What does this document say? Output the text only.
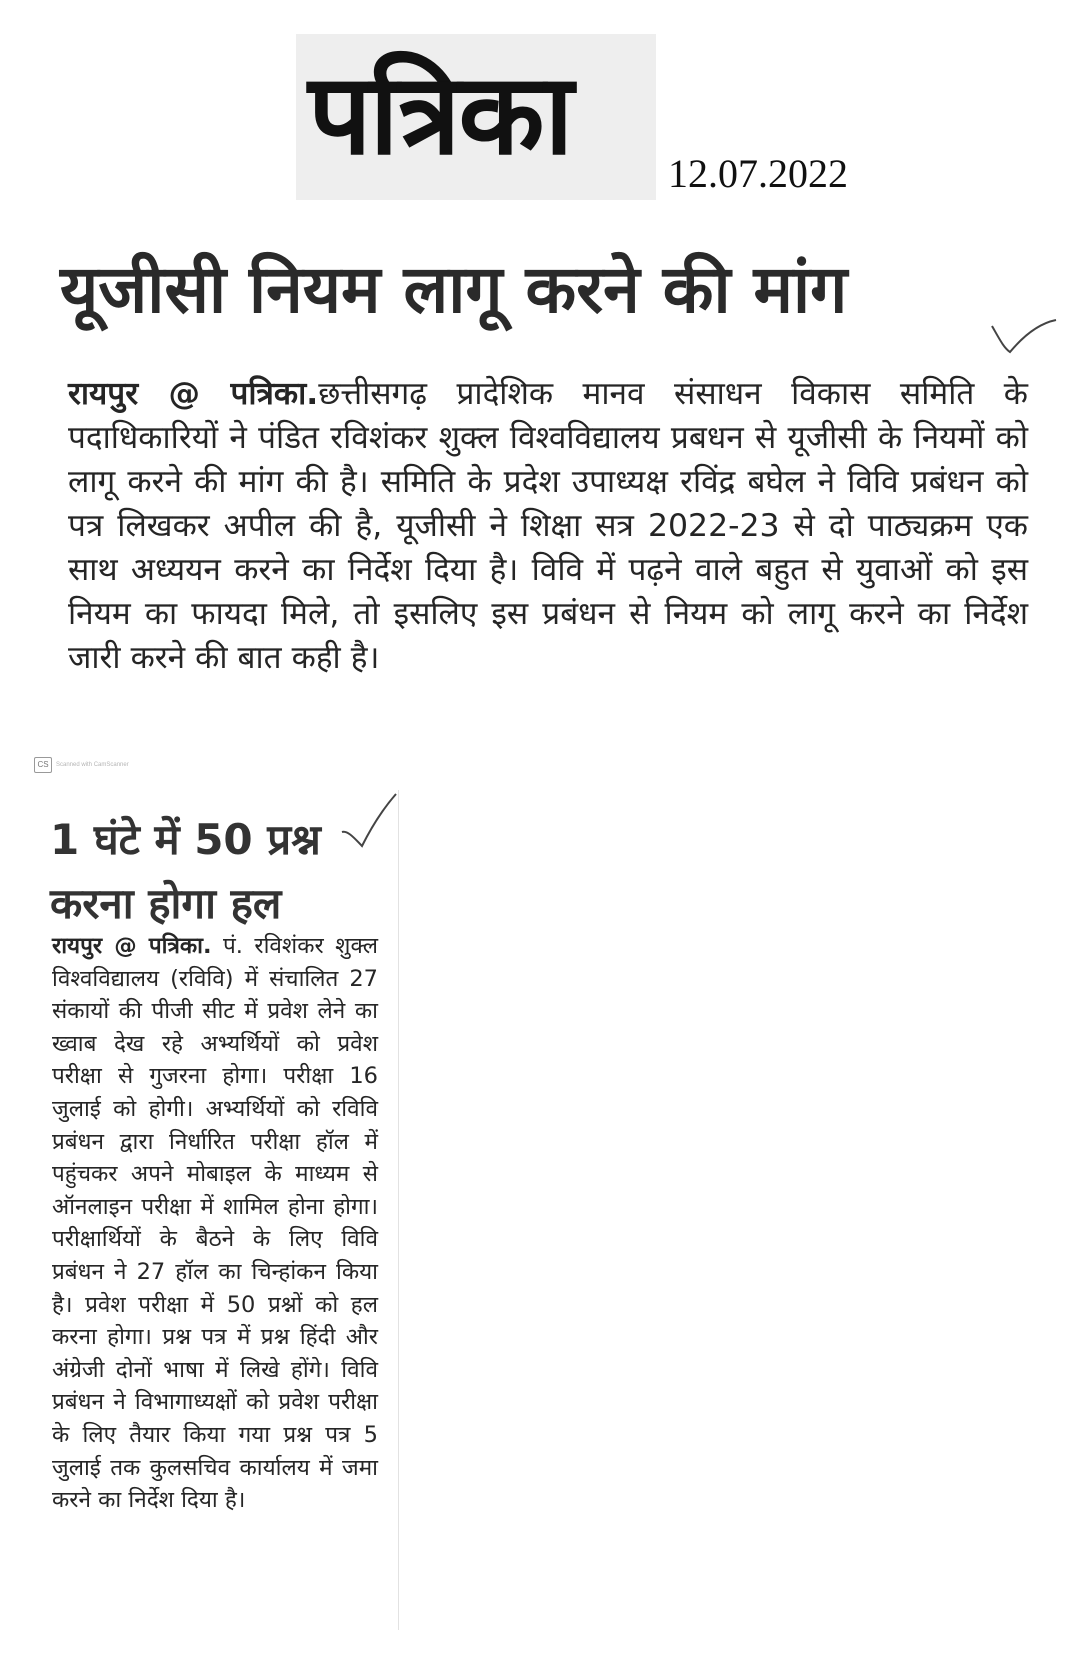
पत्रिका	12.07.2022
यूजीसी नियम लागू करने की मांग
रायपुर @ पत्रिका.छत्तीसगढ़ प्रादेशिक मानव संसाधन विकास समिति के पदाधिकारियों ने पंडित रविशंकर शुक्ल विश्वविद्यालय प्रबधन से यूजीसी के नियमों को लागू करने की मांग की है। समिति के प्रदेश उपाध्यक्ष रविंद्र बघेल ने विवि प्रबंधन को पत्र लिखकर अपील की है, यूजीसी ने शिक्षा सत्र 2022-23 से दो पाठ्यक्रम एक साथ अध्ययन करने का निर्देश दिया है। विवि में पढ़ने वाले बहुत से युवाओं को इस नियम का फायदा मिले, तो इसलिए इस प्रबंधन से नियम को लागू करने का निर्देश जारी करने की बात कही है।
CS	Scanned with CamScanner
1 घंटे में 50 प्रश्न
करना होगा हल
रायपुर @ पत्रिका. पं. रविशंकर शुक्ल विश्वविद्यालय (रविवि) में संचालित 27 संकायों की पीजी सीट में प्रवेश लेने का ख्वाब देख रहे अभ्यर्थियों को प्रवेश परीक्षा से गुजरना होगा। परीक्षा 16 जुलाई को होगी। अभ्यर्थियों को रविवि प्रबंधन द्वारा निर्धारित परीक्षा हॉल में पहुंचकर अपने मोबाइल के माध्यम से ऑनलाइन परीक्षा में शामिल होना होगा। परीक्षार्थियों के बैठने के लिए विवि प्रबंधन ने 27 हॉल का चिन्हांकन किया है। प्रवेश परीक्षा में 50 प्रश्नों को हल करना होगा। प्रश्न पत्र में प्रश्न हिंदी और अंग्रेजी दोनों भाषा में लिखे होंगे। विवि प्रबंधन ने विभागाध्यक्षों को प्रवेश परीक्षा के लिए तैयार किया गया प्रश्न पत्र 5 जुलाई तक कुलसचिव कार्यालय में जमा करने का निर्देश दिया है।
